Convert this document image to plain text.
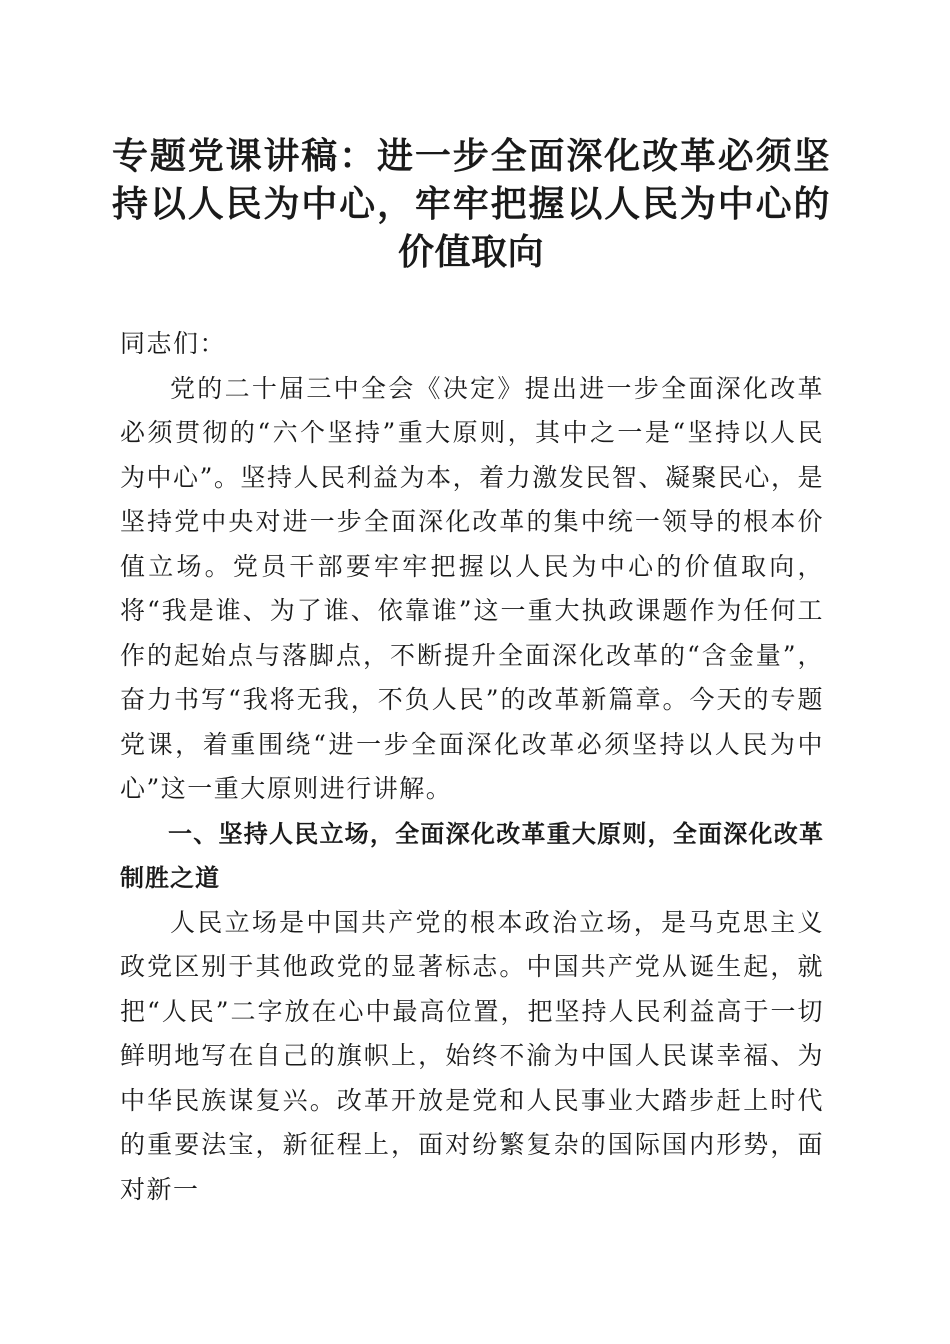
专题党课讲稿：进一步全面深化改革必须坚持以人民为中心，牢牢把握以人民为中心的价值取向

同志们：

党的二十届三中全会《决定》提出进一步全面深化改革必须贯彻的“六个坚持”重大原则，其中之一是“坚持以人民为中心”。坚持人民利益为本，着力激发民智、凝聚民心，是坚持党中央对进一步全面深化改革的集中统一领导的根本价值立场。党员干部要牢牢把握以人民为中心的价值取向，将“我是谁、为了谁、依靠谁”这一重大执政课题作为任何工作的起始点与落脚点，不断提升全面深化改革的“含金量”，奋力书写“我将无我，不负人民”的改革新篇章。今天的专题党课，着重围绕“进一步全面深化改革必须坚持以人民为中心”这一重大原则进行讲解。

一、坚持人民立场，全面深化改革重大原则，全面深化改革制胜之道

人民立场是中国共产党的根本政治立场，是马克思主义政党区别于其他政党的显著标志。中国共产党从诞生起，就把“人民”二字放在心中最高位置，把坚持人民利益高于一切鲜明地写在自己的旗帜上，始终不渝为中国人民谋幸福、为中华民族谋复兴。改革开放是党和人民事业大踏步赶上时代的重要法宝，新征程上，面对纷繁复杂的国际国内形势，面对新一
